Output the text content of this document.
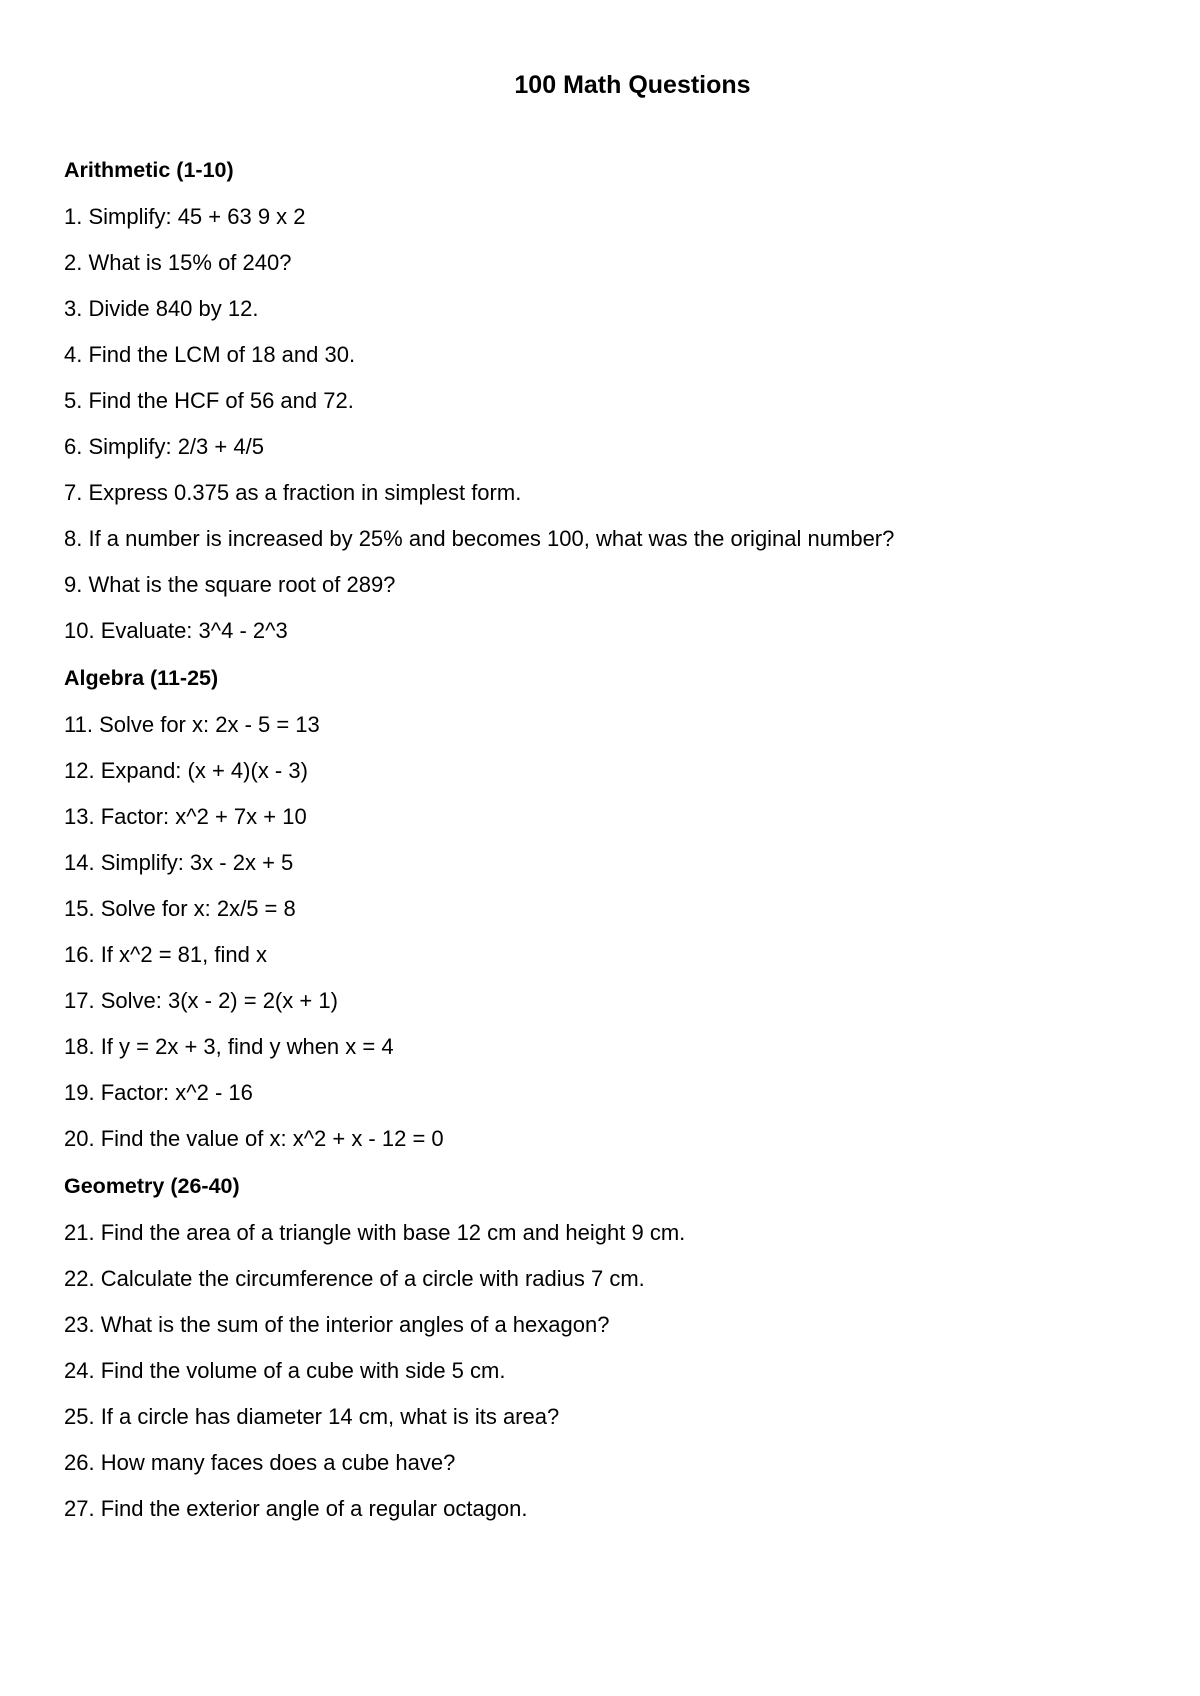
100 Math Questions
Arithmetic (1-10)
1. Simplify: 45 + 63 9 x 2
2. What is 15% of 240?
3. Divide 840 by 12.
4. Find the LCM of 18 and 30.
5. Find the HCF of 56 and 72.
6. Simplify: 2/3 + 4/5
7. Express 0.375 as a fraction in simplest form.
8. If a number is increased by 25% and becomes 100, what was the original number?
9. What is the square root of 289?
10. Evaluate: 3^4 - 2^3
Algebra (11-25)
11. Solve for x: 2x - 5 = 13
12. Expand: (x + 4)(x - 3)
13. Factor: x^2 + 7x + 10
14. Simplify: 3x - 2x + 5
15. Solve for x: 2x/5 = 8
16. If x^2 = 81, find x
17. Solve: 3(x - 2) = 2(x + 1)
18. If y = 2x + 3, find y when x = 4
19. Factor: x^2 - 16
20. Find the value of x: x^2 + x - 12 = 0
Geometry (26-40)
21. Find the area of a triangle with base 12 cm and height 9 cm.
22. Calculate the circumference of a circle with radius 7 cm.
23. What is the sum of the interior angles of a hexagon?
24. Find the volume of a cube with side 5 cm.
25. If a circle has diameter 14 cm, what is its area?
26. How many faces does a cube have?
27. Find the exterior angle of a regular octagon.
